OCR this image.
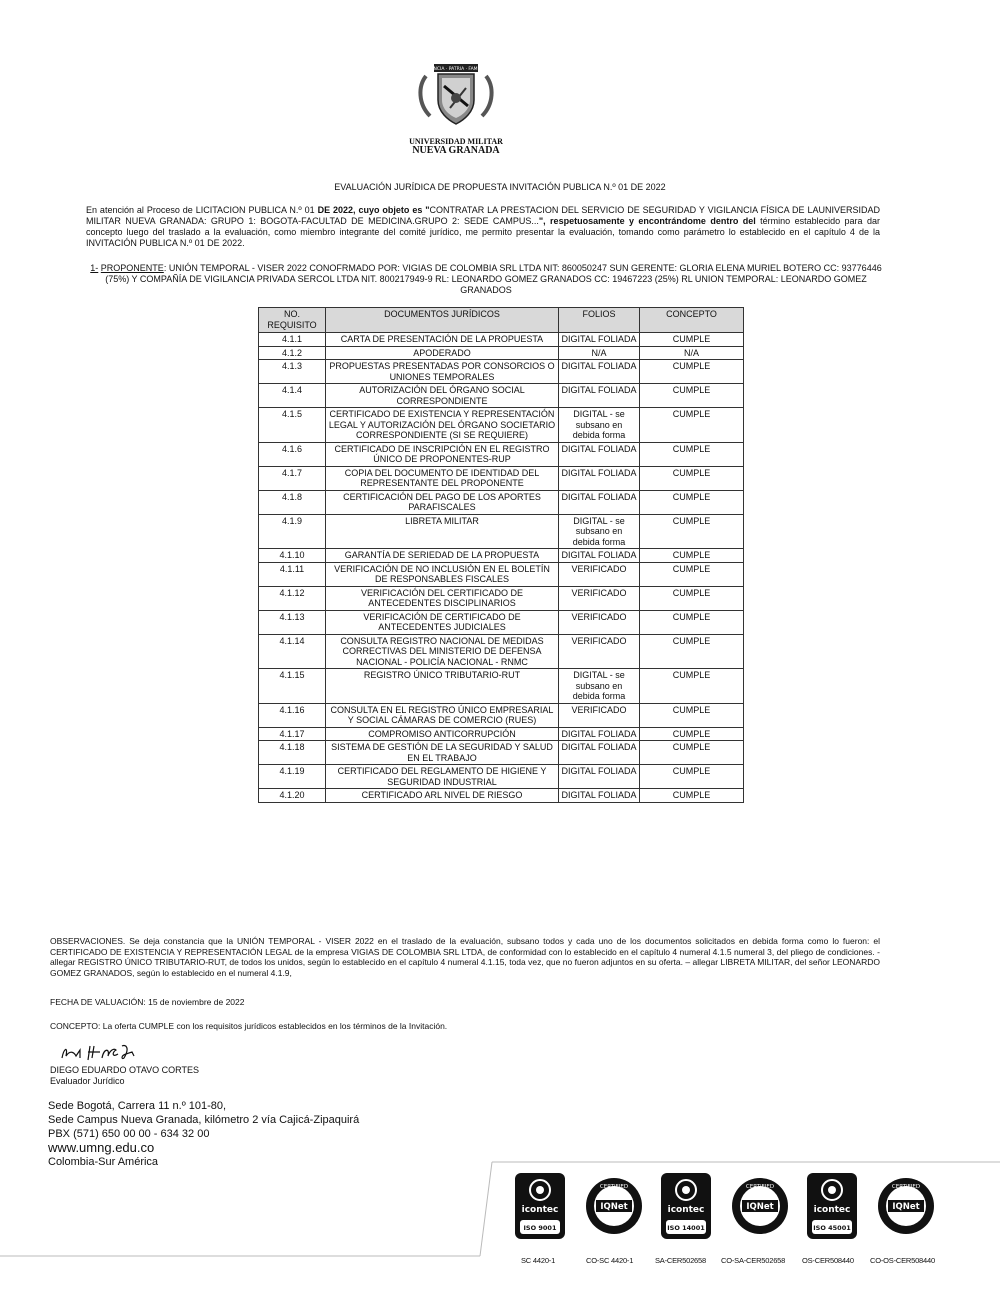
CIENCIA · PATRIA · FAMILIA
UNIVERSIDAD MILITAR
NUEVA GRANADA
EVALUACIÓN JURÍDICA DE PROPUESTA INVITACIÓN PUBLICA N.º 01 DE 2022
En atención al Proceso de LICITACION PUBLICA N.º 01 DE 2022, cuyo objeto es "CONTRATAR LA PRESTACION DEL SERVICIO DE SEGURIDAD Y VIGILANCIA FÍSICA DE LAUNIVERSIDAD MILITAR NUEVA GRANADA: GRUPO 1: BOGOTA-FACULTAD DE MEDICINA.GRUPO 2: SEDE CAMPUS...", respetuosamente y encontrándome dentro del término establecido para dar concepto luego del traslado a la evaluación, como miembro integrante del comité jurídico, me permito presentar la evaluación, tomando como parámetro lo establecido en el capítulo 4 de la INVITACIÓN PUBLICA N.º 01 DE 2022.
1- PROPONENTE: UNIÓN TEMPORAL - VISER 2022 CONOFRMADO POR: VIGIAS DE COLOMBIA SRL LTDA NIT: 860050247 SUN GERENTE: GLORIA ELENA MURIEL BOTERO CC: 93776446 (75%) Y COMPAÑÍA DE VIGILANCIA PRIVADA SERCOL LTDA NIT. 800217949-9 RL: LEONARDO GOMEZ GRANADOS CC: 19467223 (25%) RL UNION TEMPORAL: LEONARDO GOMEZ GRANADOS
NO. REQUISITO	DOCUMENTOS JURÍDICOS	FOLIOS	CONCEPTO
4.1.1	CARTA DE PRESENTACIÓN DE LA PROPUESTA	DIGITAL FOLIADA	CUMPLE
4.1.2	APODERADO	N/A	N/A
4.1.3	PROPUESTAS PRESENTADAS POR CONSORCIOS O UNIONES TEMPORALES	DIGITAL FOLIADA	CUMPLE
4.1.4	AUTORIZACIÓN DEL ÓRGANO SOCIAL CORRESPONDIENTE	DIGITAL FOLIADA	CUMPLE
4.1.5	CERTIFICADO DE EXISTENCIA Y REPRESENTACIÓN LEGAL Y AUTORIZACIÓN DEL ÓRGANO SOCIETARIO CORRESPONDIENTE (SI SE REQUIERE)	DIGITAL - se subsano en debida forma	CUMPLE
4.1.6	CERTIFICADO DE INSCRIPCIÓN EN EL REGISTRO ÚNICO DE PROPONENTES-RUP	DIGITAL FOLIADA	CUMPLE
4.1.7	COPIA DEL DOCUMENTO DE IDENTIDAD DEL REPRESENTANTE DEL PROPONENTE	DIGITAL FOLIADA	CUMPLE
4.1.8	CERTIFICACIÓN DEL PAGO DE LOS APORTES PARAFISCALES	DIGITAL FOLIADA	CUMPLE
4.1.9	LIBRETA MILITAR	DIGITAL - se subsano en debida forma	CUMPLE
4.1.10	GARANTÍA DE SERIEDAD DE LA PROPUESTA	DIGITAL FOLIADA	CUMPLE
4.1.11	VERIFICACIÓN DE NO INCLUSIÓN EN EL BOLETÍN DE RESPONSABLES FISCALES	VERIFICADO	CUMPLE
4.1.12	VERIFICACIÓN DEL CERTIFICADO DE ANTECEDENTES DISCIPLINARIOS	VERIFICADO	CUMPLE
4.1.13	VERIFICACIÓN DE CERTIFICADO DE ANTECEDENTES JUDICIALES	VERIFICADO	CUMPLE
4.1.14	CONSULTA REGISTRO NACIONAL DE MEDIDAS CORRECTIVAS DEL MINISTERIO DE DEFENSA NACIONAL - POLICÍA NACIONAL - RNMC	VERIFICADO	CUMPLE
4.1.15	REGISTRO ÚNICO TRIBUTARIO-RUT	DIGITAL - se subsano en debida forma	CUMPLE
4.1.16	CONSULTA EN EL REGISTRO ÚNICO EMPRESARIAL Y SOCIAL CÁMARAS DE COMERCIO (RUES)	VERIFICADO	CUMPLE
4.1.17	COMPROMISO ANTICORRUPCIÓN	DIGITAL FOLIADA	CUMPLE
4.1.18	SISTEMA DE GESTIÓN DE LA SEGURIDAD Y SALUD EN EL TRABAJO	DIGITAL FOLIADA	CUMPLE
4.1.19	CERTIFICADO DEL REGLAMENTO DE HIGIENE Y SEGURIDAD INDUSTRIAL	DIGITAL FOLIADA	CUMPLE
4.1.20	CERTIFICADO ARL NIVEL DE RIESGO	DIGITAL FOLIADA	CUMPLE
OBSERVACIONES. Se deja constancia que la UNIÓN TEMPORAL - VISER 2022 en el traslado de la evaluación, subsano todos y cada uno de los documentos solicitados en debida forma como lo fueron: el CERTIFICADO DE EXISTENCIA Y REPRESENTACIÓN LEGAL de la empresa VIGIAS DE COLOMBIA SRL LTDA, de conformidad con lo establecido en el capítulo 4 numeral 4.1.5 numeral 3, del pliego de condiciones. - allegar REGISTRO ÚNICO TRIBUTARIO-RUT, de todos los unidos, según lo establecido en el capítulo 4 numeral 4.1.15, toda vez, que no fueron adjuntos en su oferta. – allegar LIBRETA MILITAR, del señor LEONARDO GOMEZ GRANADOS, según lo establecido en el numeral 4.1.9,
FECHA DE VALUACIÓN: 15 de noviembre de 2022
CONCEPTO: La oferta CUMPLE con los requisitos jurídicos establecidos en los términos de la Invitación.
DIEGO EDUARDO OTAVO CORTES
Evaluador Jurídico
Sede Bogotá, Carrera 11 n.º 101-80,
Sede Campus Nueva Granada, kilómetro 2 vía Cajicá-Zipaquirá
PBX (571) 650 00 00 - 634 32 00
www.umng.edu.co
Colombia-Sur América
icontec
ISO 9001
CERTIFIED
IQNet	icontec
ISO 14001
CERTIFIED
IQNet	icontec
ISO 45001
CERTIFIED
IQNet
SC 4420-1	CO-SC 4420-1	SA-CER502658 CO-SA-CER502658 OS-CER508440 CO-OS-CER508440
